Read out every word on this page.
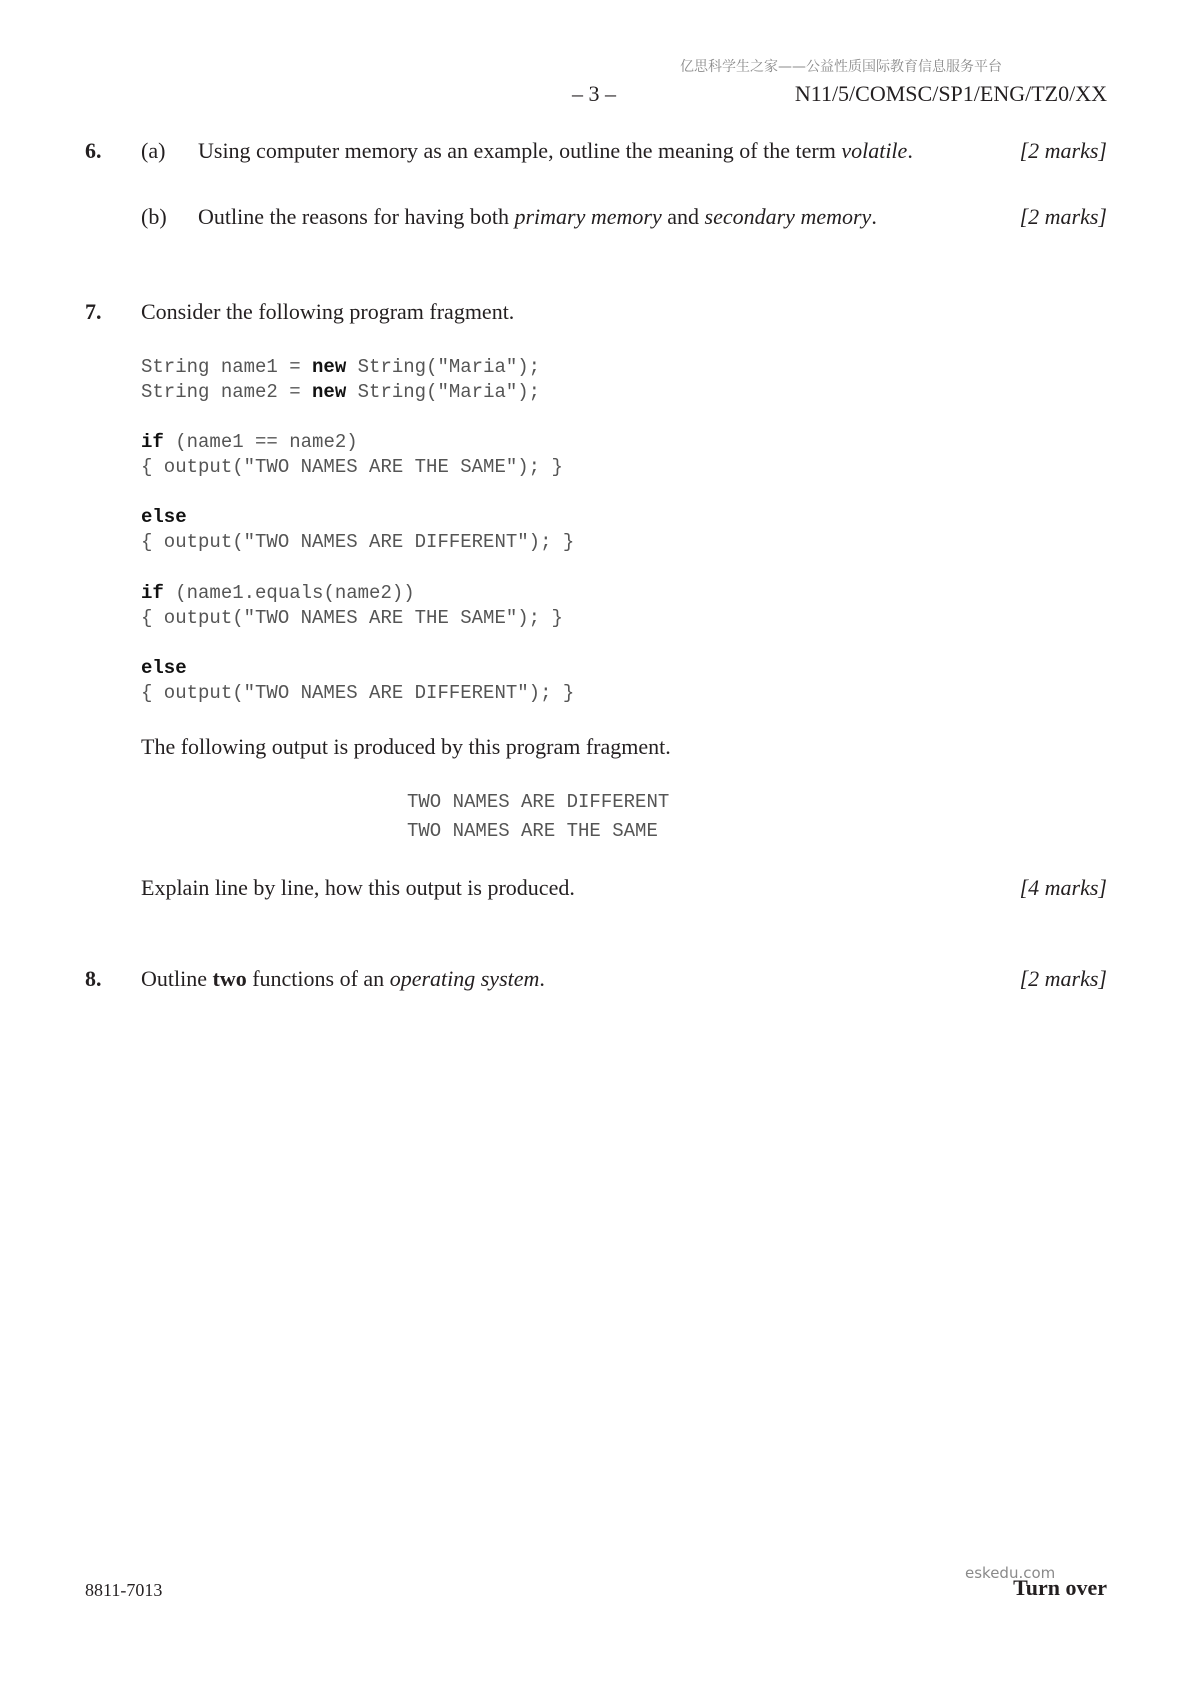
亿思科学生之家——公益性质国际教育信息服务平台
– 3 –	N11/5/COMSC/SP1/ENG/TZ0/XX
6. (a) Using computer memory as an example, outline the meaning of the term volatile.	[2 marks]
(b) Outline the reasons for having both primary memory and secondary memory.	[2 marks]
7. Consider the following program fragment.
String name1 = new String("Maria");
String name2 = new String("Maria");
if (name1 == name2)
{ output("TWO NAMES ARE THE SAME"); }
else
{ output("TWO NAMES ARE DIFFERENT"); }
if (name1.equals(name2))
{ output("TWO NAMES ARE THE SAME"); }
else
{ output("TWO NAMES ARE DIFFERENT"); }
The following output is produced by this program fragment.
TWO NAMES ARE DIFFERENT
TWO NAMES ARE THE SAME
Explain line by line, how this output is produced.	[4 marks]
8. Outline two functions of an operating system.	[2 marks]
8811-7013
eskedu.com
Turn over
